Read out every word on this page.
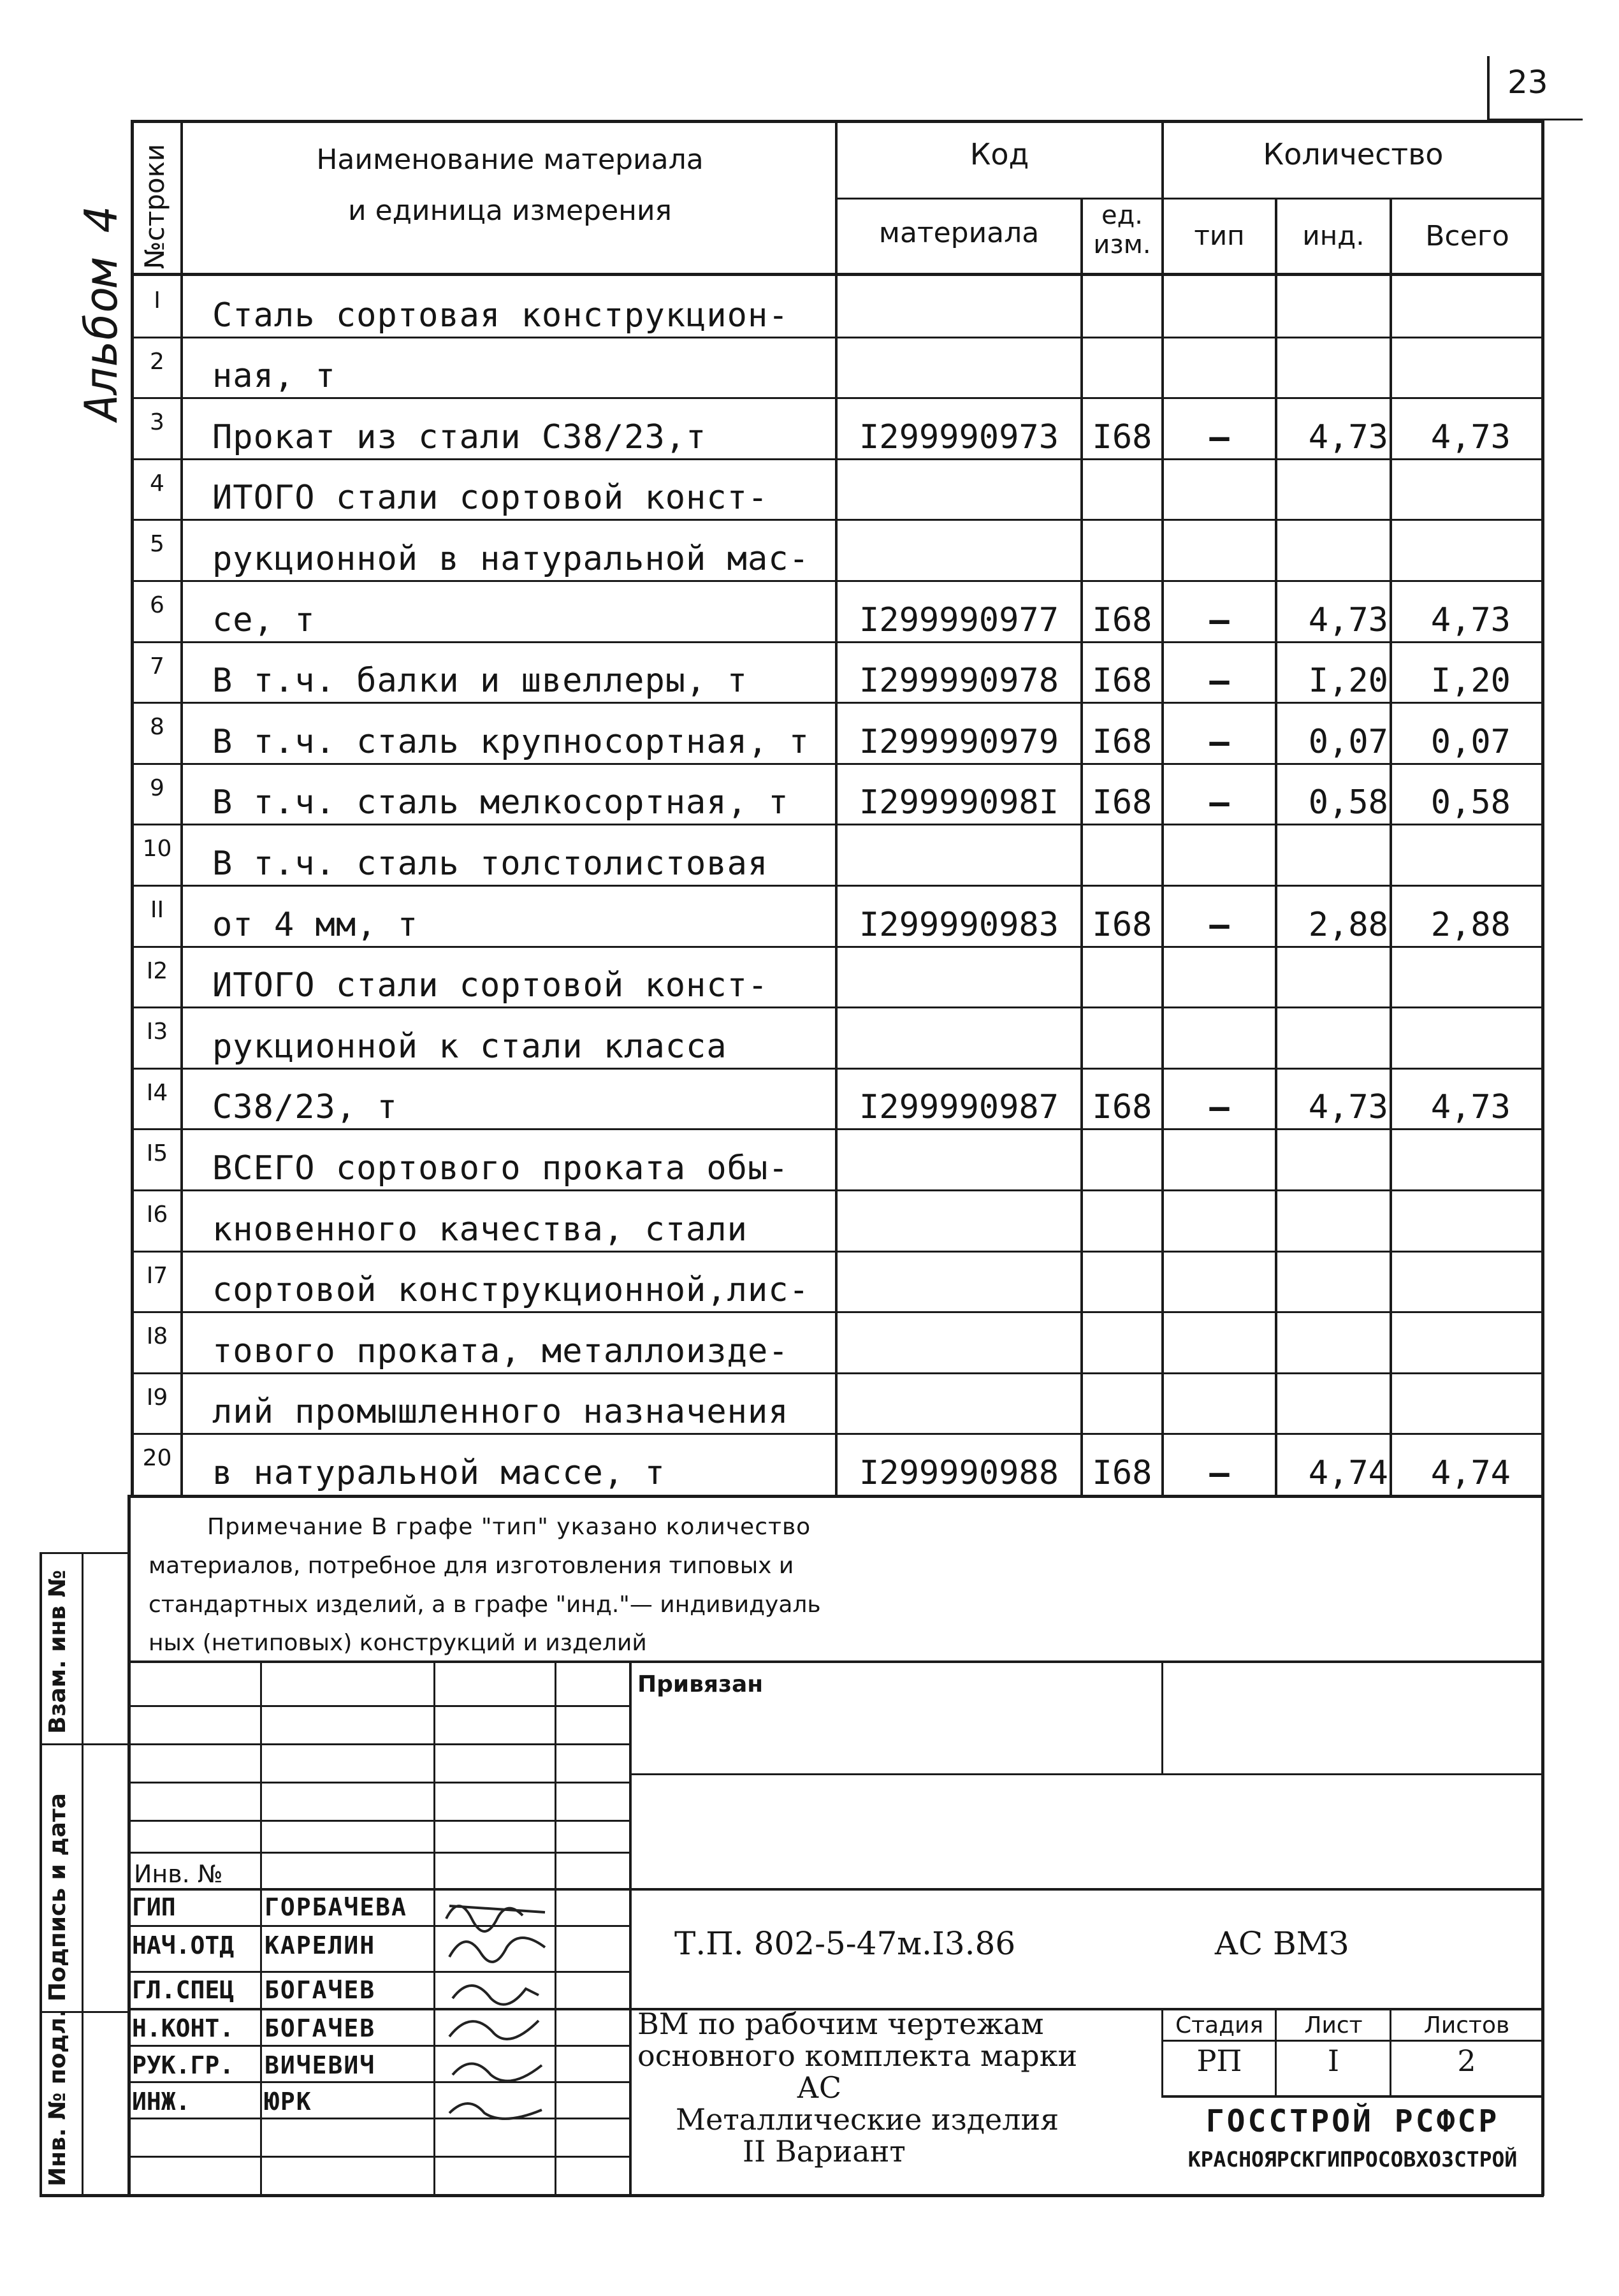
23
Альбом 4 №строки	Наименование материала
и единица измерения
Код	Количество
материала
ед.
изм.	тип	инд.	Всего
I	Сталь сортовая конструкцион-
2	ная, т
3	Прокат из стали С38/23,т	I299990973	I68	–	4,73 4,73
4	ИТОГО стали сортовой конст-
5	рукционной в натуральной мас-
6	се, т	I299990977	I68	–	4,73 4,73
7	В т.ч. балки и швеллеры, т	I299990978	I68	–	I,20 I,20
8	В т.ч. сталь крупносортная, т	I299990979	I68	–	0,07 0,07
9	В т.ч. сталь мелкосортная, т	I29999098I	I68	–	0,58 0,58
10 В т.ч. сталь толстолистовая
II	от 4 мм, т	I299990983	I68	–	2,88 2,88
I2	ИТОГО стали сортовой конст-
I3	рукционной к стали класса
I4	С38/23, т	I299990987	I68	–	4,73 4,73
I5	ВСЕГО сортового проката обы-
I6	кновенного качества, стали
I7	сортовой конструкционной,лис-
I8	тового проката, металлоизде-
I9	лий промышленного назначения
20 в натуральной массе, т	I299990988	I68	–	4,74 4,74
Примечание В графе "тип" указано количество
материалов, потребное для изготовления типовых и
стандартных изделий, а в графе "инд."— индивидуаль
ных (нетиповых) конструкций и изделий
Взам. инв №
Подпись и дата
Инв. № подл.
Привязан
Инв. №
ГИП	ГОРБАЧЕВА
НАЧ.ОТД КАРЕЛИН
ГЛ.СПЕЦ БОГАЧЕВ
Н.КОНТ. БОГАЧЕВ
РУК.ГР. ВИЧЕВИЧ
ИНЖ.	ЮРК
Т.П. 802-5-47м.I3.86	АС ВМЗ
ВМ по рабочим чертежам
основного комплекта марки
АС
Металлические изделия
II Вариант
Стадия	Лист	Листов
РП	I	2
ГОССТРОЙ РСФСР
КРАСНОЯРСКГИПРОСОВХОЗСТРОЙ
